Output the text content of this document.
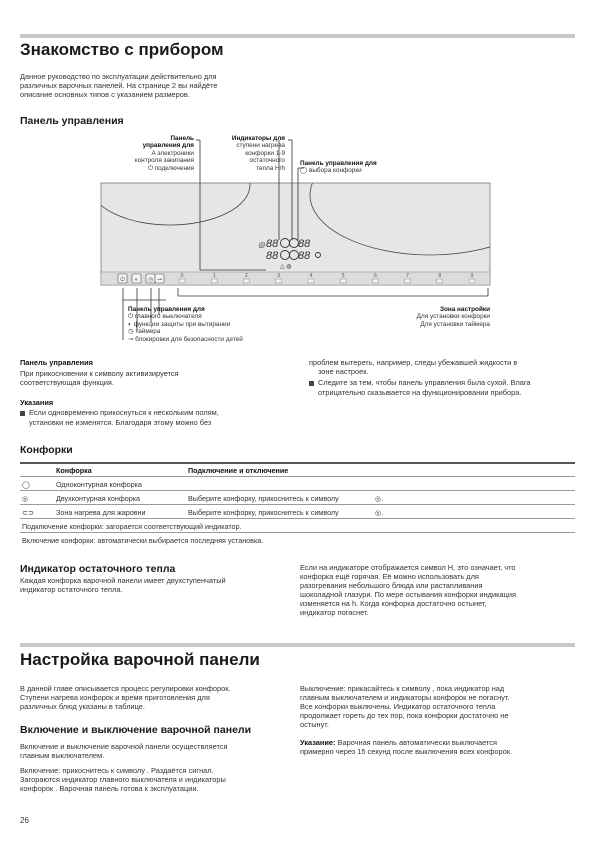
Знакомство с прибором
Данное руководство по эксплуатации действительно для
различных варочных панелей. На странице 2 вы найдёте
описание основных типов с указанием размеров.
Панель управления
Панель
управления для
A электроники
контроля закипания
⏻ подключения
Индикаторы для
ступени нагрева
конфорки 1-9
остаточного
тепла H/h
Панель управления для
◯ выбора конфорки
◎ 88 88
88 88
△ ◍
⏻ ◐ ◷ ⊸
0	1	2	3	4	5	6	7	8	9
Панель управления для
⏻ главного выключателя
◐ функции защиты при вытирании
◷ таймера
⊸ блокировки для безопасности детей
Зона настройки
Для установки конфорки
Для установки таймера
Панель управления
При прикосновении к символу активизируется
соответствующая функция.
Указания
Если одновременно прикоснуться к нескольким полям,
установки не изменятся. Благодаря этому можно без
проблем вытереть, например, следы убежавшей жидкости в
зоне настроек.
Следите за тем, чтобы панель управления была сухой. Влага
отрицательно сказывается на функционировании прибора.
Конфорки
Конфорка	Подключение и отключение
◯	Одноконтурная конфорка
◎	Двухконтурная конфорка	Выберите конфорку, прикоснитесь к символу	◎.
⊂⊃	Зона нагрева для жаровни	Выберите конфорку, прикоснитесь к символу	◎.
Подключение конфорки: загорается соответствующий индикатор.
Включение конфорки: автоматически выбирается последняя установка.
Индикатор остаточного тепла
Каждая конфорка варочной панели имеет двухступенчатый
индикатор остаточного тепла.
Если на индикаторе отображается символ H, это означает, что
конфорка ещё горячая. Её можно использовать для
разогревания небольшого блюда или растапливания
шоколадной глазури. По мере остывания конфорки индикация
изменяется на h. Когда конфорка достаточно остынет,
индикатор погаснет.
Настройка варочной панели
В данной главе описывается процесс регулировки конфорок.
Ступени нагрева конфорок и время приготовления для
различных блюд указаны в таблице.
Включение и выключение варочной панели
Включение и выключение варочной панели осуществляется
главным выключателем.
Включение: прикоснитесь к символу . Раздаётся сигнал.
Загораются индикатор главного выключателя и индикаторы
конфорок . Варочная панель готова к эксплуатации.
Выключение: прикасайтесь к символу , пока индикатор над
главным выключателем и индикаторы конфорок не погаснут.
Все конфорки выключены. Индикатор остаточного тепла
продолжает гореть до тех пор, пока конфорки достаточно не
остынут.
Указание: Варочная панель автоматически выключается
примерно через 15 секунд после выключения всех конфорок.
26
